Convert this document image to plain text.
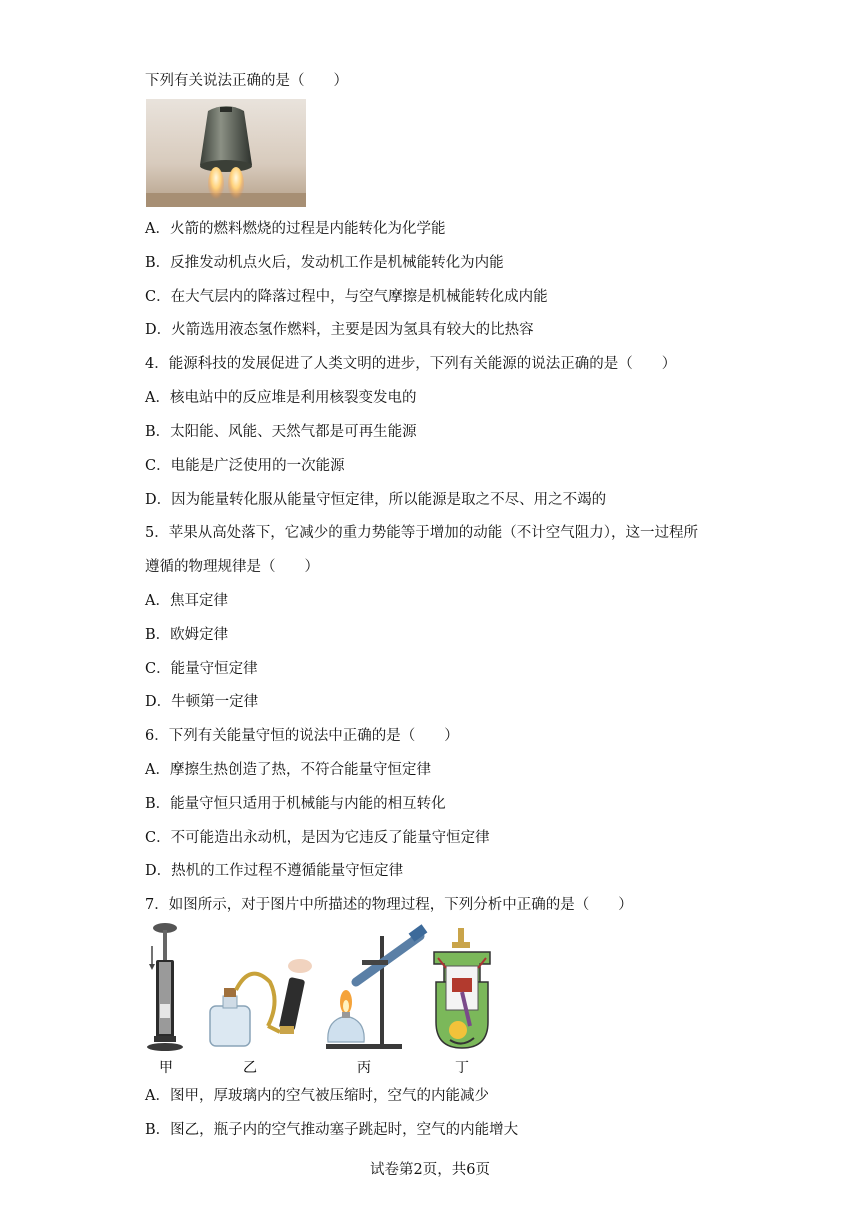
下列有关说法正确的是（　　）
A．火箭的燃料燃烧的过程是内能转化为化学能
B．反推发动机点火后，发动机工作是机械能转化为内能
C．在大气层内的降落过程中，与空气摩擦是机械能转化成内能
D．火箭选用液态氢作燃料，主要是因为氢具有较大的比热容
4．能源科技的发展促进了人类文明的进步，下列有关能源的说法正确的是（　　）
A．核电站中的反应堆是利用核裂变发电的
B．太阳能、风能、天然气都是可再生能源
C．电能是广泛使用的一次能源
D．因为能量转化服从能量守恒定律，所以能源是取之不尽、用之不竭的
5．苹果从高处落下，它减少的重力势能等于增加的动能（不计空气阻力），这一过程所
遵循的物理规律是（　　）
A．焦耳定律
B．欧姆定律
C．能量守恒定律
D．牛顿第一定律
6．下列有关能量守恒的说法中正确的是（　　）
A．摩擦生热创造了热，不符合能量守恒定律
B．能量守恒只适用于机械能与内能的相互转化
C．不可能造出永动机，是因为它违反了能量守恒定律
D．热机的工作过程不遵循能量守恒定律
7．如图所示，对于图片中所描述的物理过程，下列分析中正确的是（　　）
甲	乙	丙	丁
A．图甲，厚玻璃内的空气被压缩时，空气的内能减少
B．图乙，瓶子内的空气推动塞子跳起时，空气的内能增大
试卷第2页，共6页
